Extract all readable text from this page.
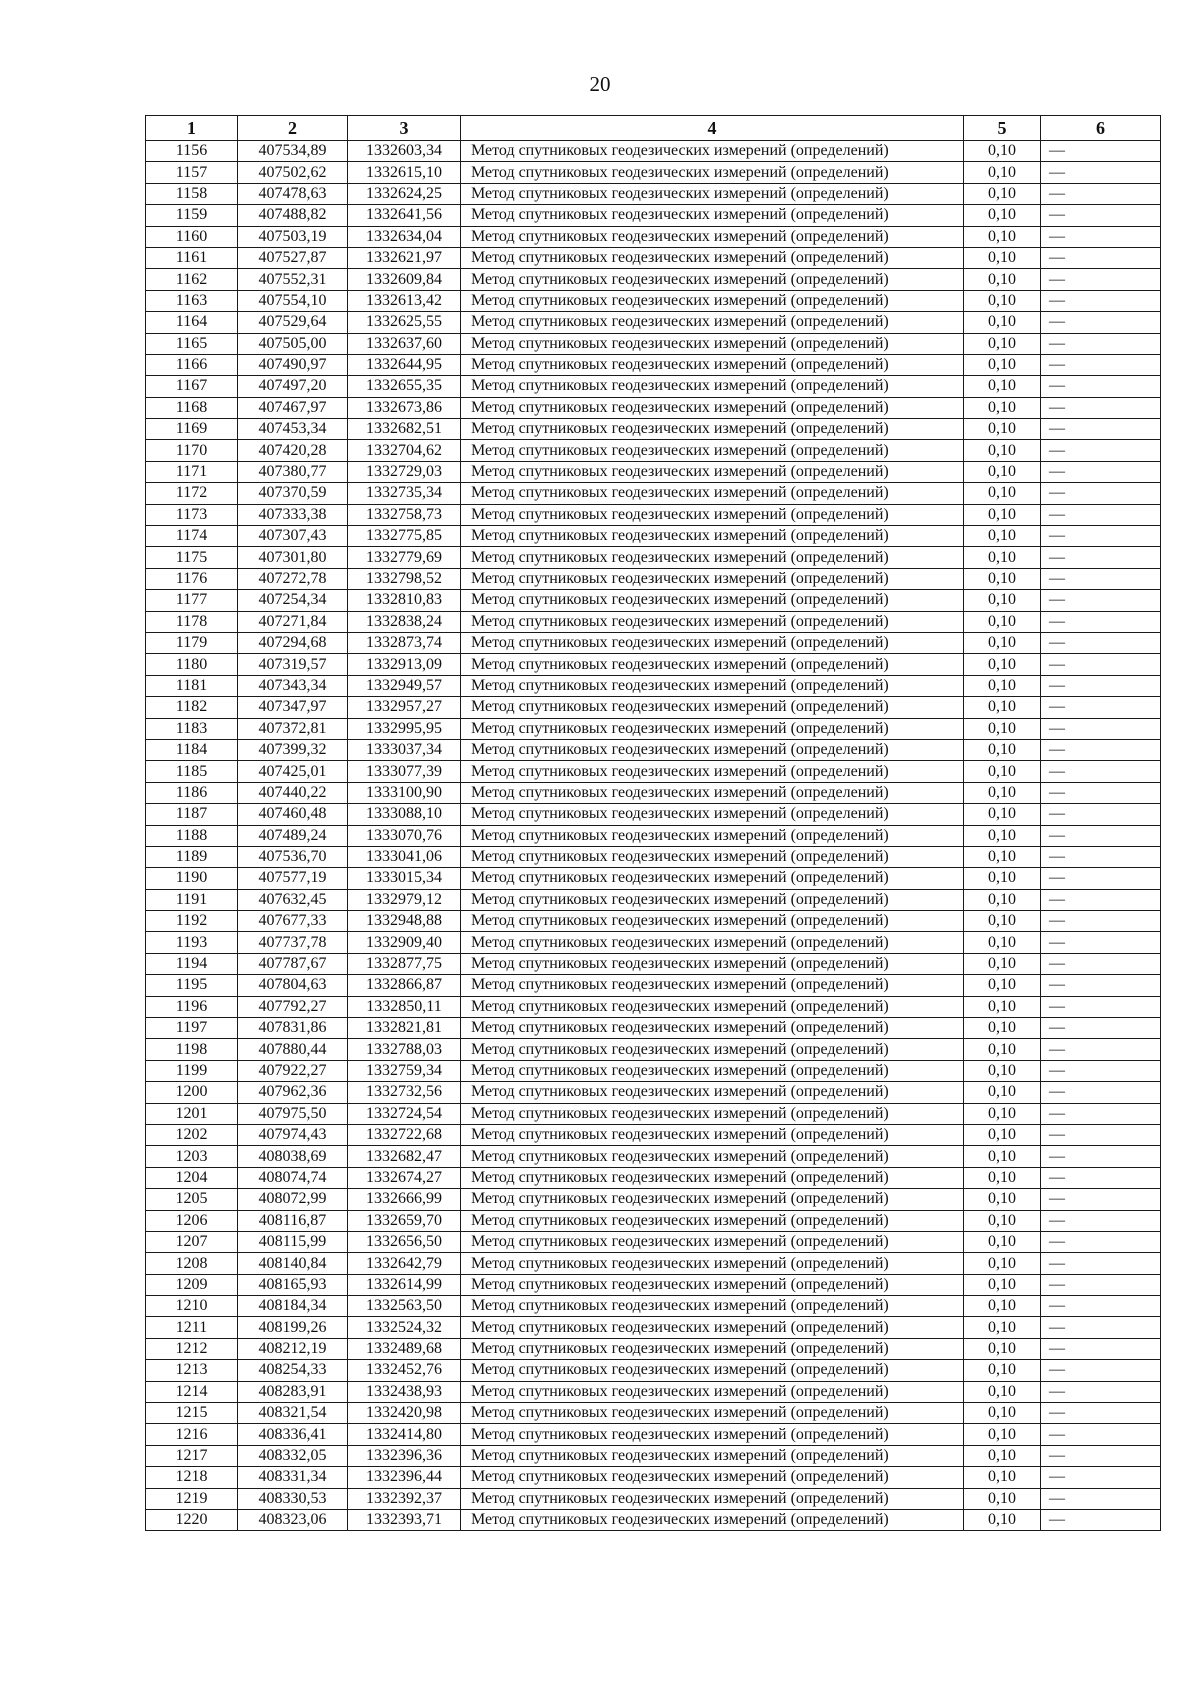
20
1	2	3	4	5	6
1156	407534,89	1332603,34	Метод спутниковых геодезических измерений (определений)	0,10	—
1157	407502,62	1332615,10	Метод спутниковых геодезических измерений (определений)	0,10	—
1158	407478,63	1332624,25	Метод спутниковых геодезических измерений (определений)	0,10	—
1159	407488,82	1332641,56	Метод спутниковых геодезических измерений (определений)	0,10	—
1160	407503,19	1332634,04	Метод спутниковых геодезических измерений (определений)	0,10	—
1161	407527,87	1332621,97	Метод спутниковых геодезических измерений (определений)	0,10	—
1162	407552,31	1332609,84	Метод спутниковых геодезических измерений (определений)	0,10	—
1163	407554,10	1332613,42	Метод спутниковых геодезических измерений (определений)	0,10	—
1164	407529,64	1332625,55	Метод спутниковых геодезических измерений (определений)	0,10	—
1165	407505,00	1332637,60	Метод спутниковых геодезических измерений (определений)	0,10	—
1166	407490,97	1332644,95	Метод спутниковых геодезических измерений (определений)	0,10	—
1167	407497,20	1332655,35	Метод спутниковых геодезических измерений (определений)	0,10	—
1168	407467,97	1332673,86	Метод спутниковых геодезических измерений (определений)	0,10	—
1169	407453,34	1332682,51	Метод спутниковых геодезических измерений (определений)	0,10	—
1170	407420,28	1332704,62	Метод спутниковых геодезических измерений (определений)	0,10	—
1171	407380,77	1332729,03	Метод спутниковых геодезических измерений (определений)	0,10	—
1172	407370,59	1332735,34	Метод спутниковых геодезических измерений (определений)	0,10	—
1173	407333,38	1332758,73	Метод спутниковых геодезических измерений (определений)	0,10	—
1174	407307,43	1332775,85	Метод спутниковых геодезических измерений (определений)	0,10	—
1175	407301,80	1332779,69	Метод спутниковых геодезических измерений (определений)	0,10	—
1176	407272,78	1332798,52	Метод спутниковых геодезических измерений (определений)	0,10	—
1177	407254,34	1332810,83	Метод спутниковых геодезических измерений (определений)	0,10	—
1178	407271,84	1332838,24	Метод спутниковых геодезических измерений (определений)	0,10	—
1179	407294,68	1332873,74	Метод спутниковых геодезических измерений (определений)	0,10	—
1180	407319,57	1332913,09	Метод спутниковых геодезических измерений (определений)	0,10	—
1181	407343,34	1332949,57	Метод спутниковых геодезических измерений (определений)	0,10	—
1182	407347,97	1332957,27	Метод спутниковых геодезических измерений (определений)	0,10	—
1183	407372,81	1332995,95	Метод спутниковых геодезических измерений (определений)	0,10	—
1184	407399,32	1333037,34	Метод спутниковых геодезических измерений (определений)	0,10	—
1185	407425,01	1333077,39	Метод спутниковых геодезических измерений (определений)	0,10	—
1186	407440,22	1333100,90	Метод спутниковых геодезических измерений (определений)	0,10	—
1187	407460,48	1333088,10	Метод спутниковых геодезических измерений (определений)	0,10	—
1188	407489,24	1333070,76	Метод спутниковых геодезических измерений (определений)	0,10	—
1189	407536,70	1333041,06	Метод спутниковых геодезических измерений (определений)	0,10	—
1190	407577,19	1333015,34	Метод спутниковых геодезических измерений (определений)	0,10	—
1191	407632,45	1332979,12	Метод спутниковых геодезических измерений (определений)	0,10	—
1192	407677,33	1332948,88	Метод спутниковых геодезических измерений (определений)	0,10	—
1193	407737,78	1332909,40	Метод спутниковых геодезических измерений (определений)	0,10	—
1194	407787,67	1332877,75	Метод спутниковых геодезических измерений (определений)	0,10	—
1195	407804,63	1332866,87	Метод спутниковых геодезических измерений (определений)	0,10	—
1196	407792,27	1332850,11	Метод спутниковых геодезических измерений (определений)	0,10	—
1197	407831,86	1332821,81	Метод спутниковых геодезических измерений (определений)	0,10	—
1198	407880,44	1332788,03	Метод спутниковых геодезических измерений (определений)	0,10	—
1199	407922,27	1332759,34	Метод спутниковых геодезических измерений (определений)	0,10	—
1200	407962,36	1332732,56	Метод спутниковых геодезических измерений (определений)	0,10	—
1201	407975,50	1332724,54	Метод спутниковых геодезических измерений (определений)	0,10	—
1202	407974,43	1332722,68	Метод спутниковых геодезических измерений (определений)	0,10	—
1203	408038,69	1332682,47	Метод спутниковых геодезических измерений (определений)	0,10	—
1204	408074,74	1332674,27	Метод спутниковых геодезических измерений (определений)	0,10	—
1205	408072,99	1332666,99	Метод спутниковых геодезических измерений (определений)	0,10	—
1206	408116,87	1332659,70	Метод спутниковых геодезических измерений (определений)	0,10	—
1207	408115,99	1332656,50	Метод спутниковых геодезических измерений (определений)	0,10	—
1208	408140,84	1332642,79	Метод спутниковых геодезических измерений (определений)	0,10	—
1209	408165,93	1332614,99	Метод спутниковых геодезических измерений (определений)	0,10	—
1210	408184,34	1332563,50	Метод спутниковых геодезических измерений (определений)	0,10	—
1211	408199,26	1332524,32	Метод спутниковых геодезических измерений (определений)	0,10	—
1212	408212,19	1332489,68	Метод спутниковых геодезических измерений (определений)	0,10	—
1213	408254,33	1332452,76	Метод спутниковых геодезических измерений (определений)	0,10	—
1214	408283,91	1332438,93	Метод спутниковых геодезических измерений (определений)	0,10	—
1215	408321,54	1332420,98	Метод спутниковых геодезических измерений (определений)	0,10	—
1216	408336,41	1332414,80	Метод спутниковых геодезических измерений (определений)	0,10	—
1217	408332,05	1332396,36	Метод спутниковых геодезических измерений (определений)	0,10	—
1218	408331,34	1332396,44	Метод спутниковых геодезических измерений (определений)	0,10	—
1219	408330,53	1332392,37	Метод спутниковых геодезических измерений (определений)	0,10	—
1220	408323,06	1332393,71	Метод спутниковых геодезических измерений (определений)	0,10	—
